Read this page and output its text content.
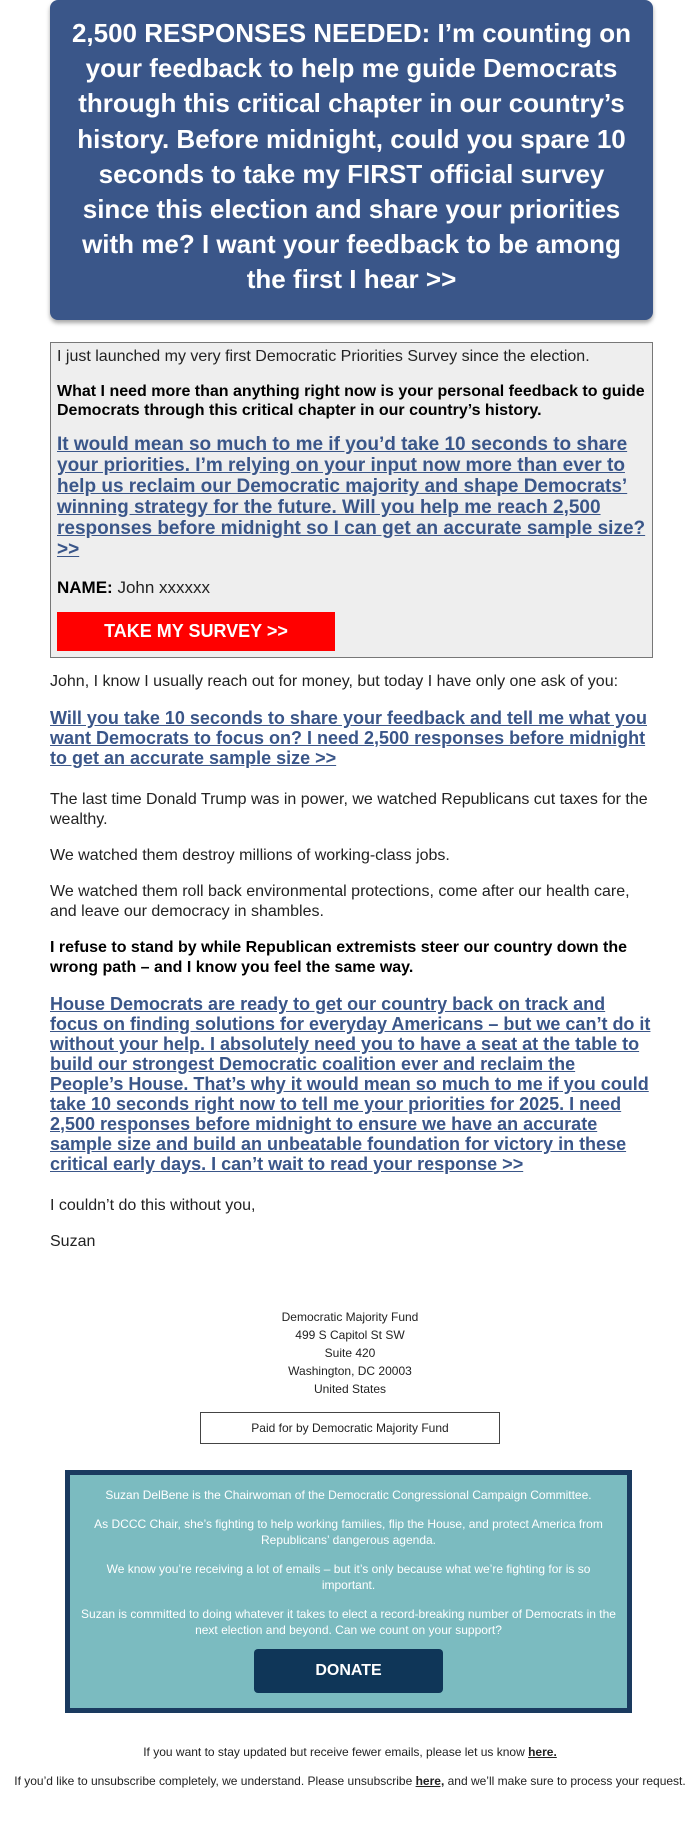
2,500 RESPONSES NEEDED: I’m counting on your feedback to help me guide Democrats through this critical chapter in our country’s history. Before midnight, could you spare 10 seconds to take my FIRST official survey since this election and share your priorities with me? I want your feedback to be among the first I hear >>

I just launched my very first Democratic Priorities Survey since the election.

What I need more than anything right now is your personal feedback to guide Democrats through this critical chapter in our country’s history.

It would mean so much to me if you’d take 10 seconds to share your priorities. I’m relying on your input now more than ever to help us reclaim our Democratic majority and shape Democrats’ winning strategy for the future. Will you help me reach 2,500 responses before midnight so I can get an accurate sample size? >>

NAME: John xxxxxx

TAKE MY SURVEY >>

John, I know I usually reach out for money, but today I have only one ask of you:

Will you take 10 seconds to share your feedback and tell me what you want Democrats to focus on? I need 2,500 responses before midnight to get an accurate sample size >>

The last time Donald Trump was in power, we watched Republicans cut taxes for the wealthy.

We watched them destroy millions of working-class jobs.

We watched them roll back environmental protections, come after our health care, and leave our democracy in shambles.

I refuse to stand by while Republican extremists steer our country down the wrong path – and I know you feel the same way.

House Democrats are ready to get our country back on track and focus on finding solutions for everyday Americans – but we can’t do it without your help. I absolutely need you to have a seat at the table to build our strongest Democratic coalition ever and reclaim the People’s House. That’s why it would mean so much to me if you could take 10 seconds right now to tell me your priorities for 2025. I need 2,500 responses before midnight to ensure we have an accurate sample size and build an unbeatable foundation for victory in these critical early days. I can’t wait to read your response >>

I couldn’t do this without you,

Suzan

Democratic Majority Fund
499 S Capitol St SW
Suite 420
Washington, DC 20003
United States
Paid for by Democratic Majority Fund

Suzan DelBene is the Chairwoman of the Democratic Congressional Campaign Committee.

As DCCC Chair, she’s fighting to help working families, flip the House, and protect America from Republicans’ dangerous agenda.

We know you’re receiving a lot of emails – but it’s only because what we’re fighting for is so important.

Suzan is committed to doing whatever it takes to elect a record-breaking number of Democrats in the next election and beyond. Can we count on your support?

DONATE

If you want to stay updated but receive fewer emails, please let us know here.

If you’d like to unsubscribe completely, we understand. Please unsubscribe here, and we’ll make sure to process your request.
